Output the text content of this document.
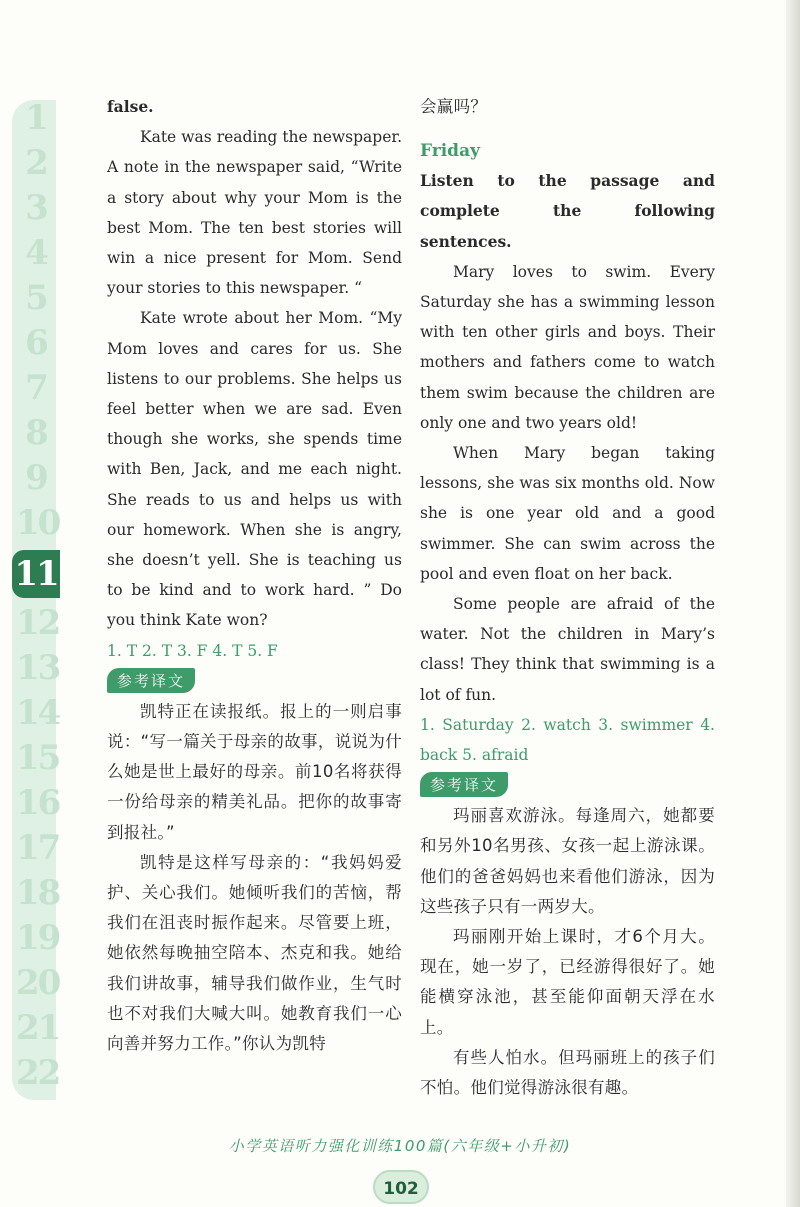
1
2
3
4
5
6
7
8
9
10
11
12
13
14
15
16
17
18
19
20
21
22

false.

Kate was reading the newspaper. A note in the newspaper said, “Write a story about why your Mom is the best Mom. The ten best stories will win a nice present for Mom. Send your stories to this newspaper. “

Kate wrote about her Mom. “My Mom loves and cares for us. She listens to our problems. She helps us feel better when we are sad. Even though she works, she spends time with Ben, Jack, and me each night. She reads to us and helps us with our homework. When she is angry, she doesn’t yell. She is teaching us to be kind and to work hard. ” Do you think Kate won?

1. T 2. T 3. F 4. T 5. F

参考译文

凯特正在读报纸。报上的一则启事说：“写一篇关于母亲的故事，说说为什么她是世上最好的母亲。前10名将获得一份给母亲的精美礼品。把你的故事寄到报社。”

凯特是这样写母亲的：“我妈妈爱护、关心我们。她倾听我们的苦恼，帮我们在沮丧时振作起来。尽管要上班，她依然每晚抽空陪本、杰克和我。她给我们讲故事，辅导我们做作业，生气时也不对我们大喊大叫。她教育我们一心向善并努力工作。”你认为凯特

会赢吗？

Friday

Listen to the passage and complete the following sentences.

Mary loves to swim. Every Saturday she has a swimming lesson with ten other girls and boys. Their mothers and fathers come to watch them swim because the children are only one and two years old!

When Mary began taking lessons, she was six months old. Now she is one year old and a good swimmer. She can swim across the pool and even float on her back.

Some people are afraid of the water. Not the children in Mary’s class! They think that swimming is a lot of fun.

1. Saturday 2. watch 3. swimmer 4. back 5. afraid

参考译文

玛丽喜欢游泳。每逢周六，她都要和另外10名男孩、女孩一起上游泳课。他们的爸爸妈妈也来看他们游泳，因为这些孩子只有一两岁大。

玛丽刚开始上课时，才6个月大。现在，她一岁了，已经游得很好了。她能横穿泳池，甚至能仰面朝天浮在水上。

有些人怕水。但玛丽班上的孩子们不怕。他们觉得游泳很有趣。

小学英语听力强化训练100篇(六年级+小升初)
102
